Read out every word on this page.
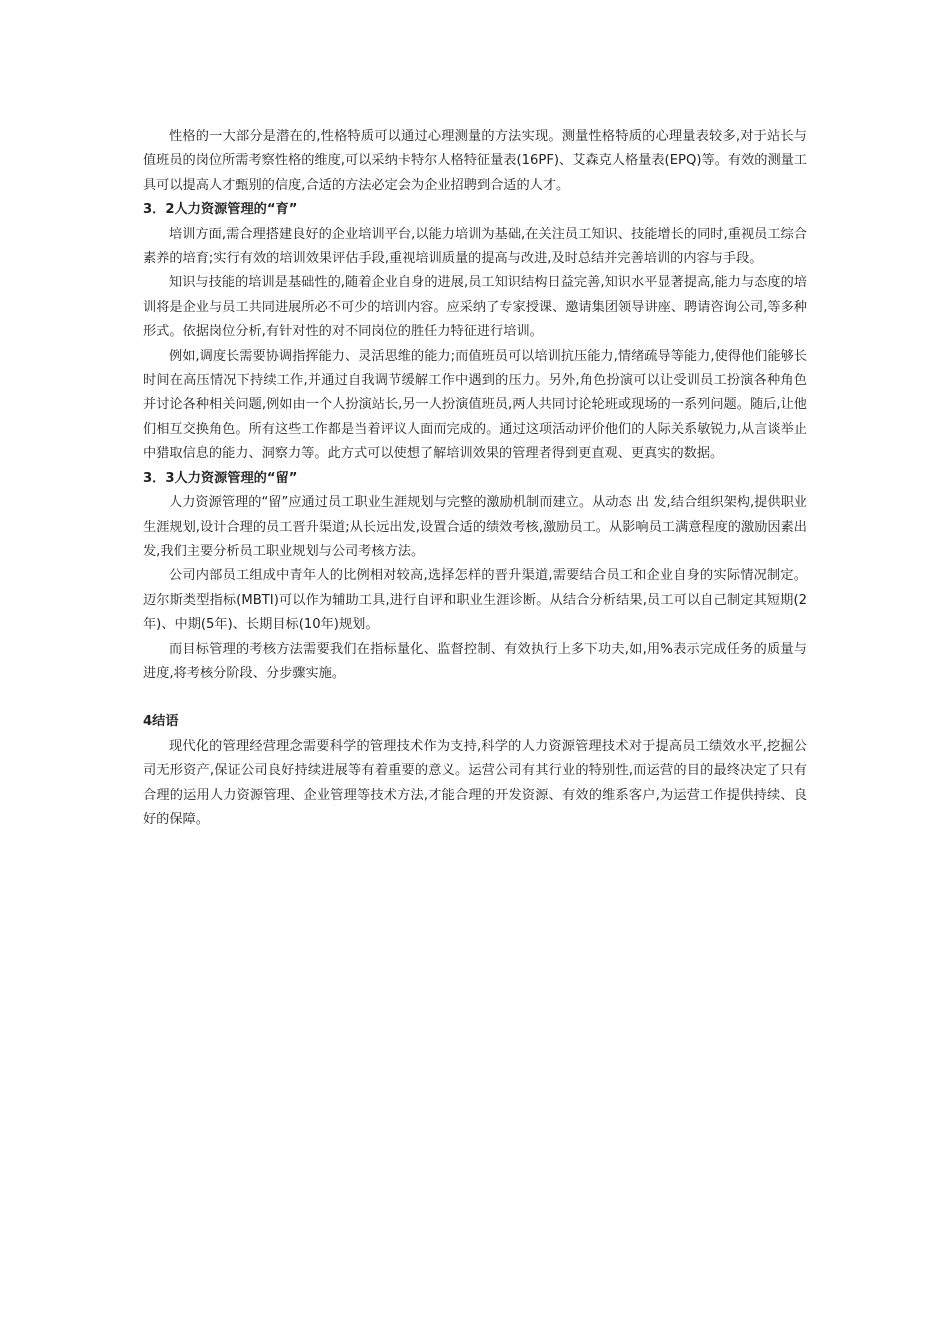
性格的一大部分是潜在的,性格特质可以通过心理测量的方法实现。测量性格特质的心理量表较多,对于站长与值班员的岗位所需考察性格的维度,可以采纳卡特尔人格特征量表(16PF)、艾森克人格量表(EPQ)等。有效的测量工具可以提高人才甄别的信度,合适的方法必定会为企业招聘到合适的人才。

3．2人力资源管理的“育”

培训方面,需合理搭建良好的企业培训平台,以能力培训为基础,在关注员工知识、技能增长的同时,重视员工综合素养的培育;实行有效的培训效果评估手段,重视培训质量的提高与改进,及时总结并完善培训的内容与手段。

知识与技能的培训是基础性的,随着企业自身的进展,员工知识结构日益完善,知识水平显著提高,能力与态度的培训将是企业与员工共同进展所必不可少的培训内容。应采纳了专家授课、邀请集团领导讲座、聘请咨询公司,等多种形式。依据岗位分析,有针对性的对不同岗位的胜任力特征进行培训。

例如,调度长需要协调指挥能力、灵活思维的能力;而值班员可以培训抗压能力,情绪疏导等能力,使得他们能够长时间在高压情况下持续工作,并通过自我调节缓解工作中遇到的压力。另外,角色扮演可以让受训员工扮演各种角色并讨论各种相关问题,例如由一个人扮演站长,另一人扮演值班员,两人共同讨论轮班或现场的一系列问题。随后,让他们相互交换角色。所有这些工作都是当着评议人面而完成的。通过这项活动评价他们的人际关系敏锐力,从言谈举止中猎取信息的能力、洞察力等。此方式可以使想了解培训效果的管理者得到更直观、更真实的数据。

3．3人力资源管理的“留”

人力资源管理的“留”应通过员工职业生涯规划与完整的激励机制而建立。从动态 出 发,结合组织架构,提供职业生涯规划,设计合理的员工晋升渠道;从长远出发,设置合适的绩效考核,激励员工。从影响员工满意程度的激励因素出发,我们主要分析员工职业规划与公司考核方法。

公司内部员工组成中青年人的比例相对较高,选择怎样的晋升渠道,需要结合员工和企业自身的实际情况制定。迈尔斯类型指标(MBTI)可以作为辅助工具,进行自评和职业生涯诊断。从结合分析结果,员工可以自己制定其短期(2年)、中期(5年)、长期目标(10年)规划。

而目标管理的考核方法需要我们在指标量化、监督控制、有效执行上多下功夫,如,用%表示完成任务的质量与进度,将考核分阶段、分步骤实施。

4结语

现代化的管理经营理念需要科学的管理技术作为支持,科学的人力资源管理技术对于提高员工绩效水平,挖掘公司无形资产,保证公司良好持续进展等有着重要的意义。运营公司有其行业的特别性,而运营的目的最终决定了只有合理的运用人力资源管理、企业管理等技术方法,才能合理的开发资源、有效的维系客户,为运营工作提供持续、良好的保障。
